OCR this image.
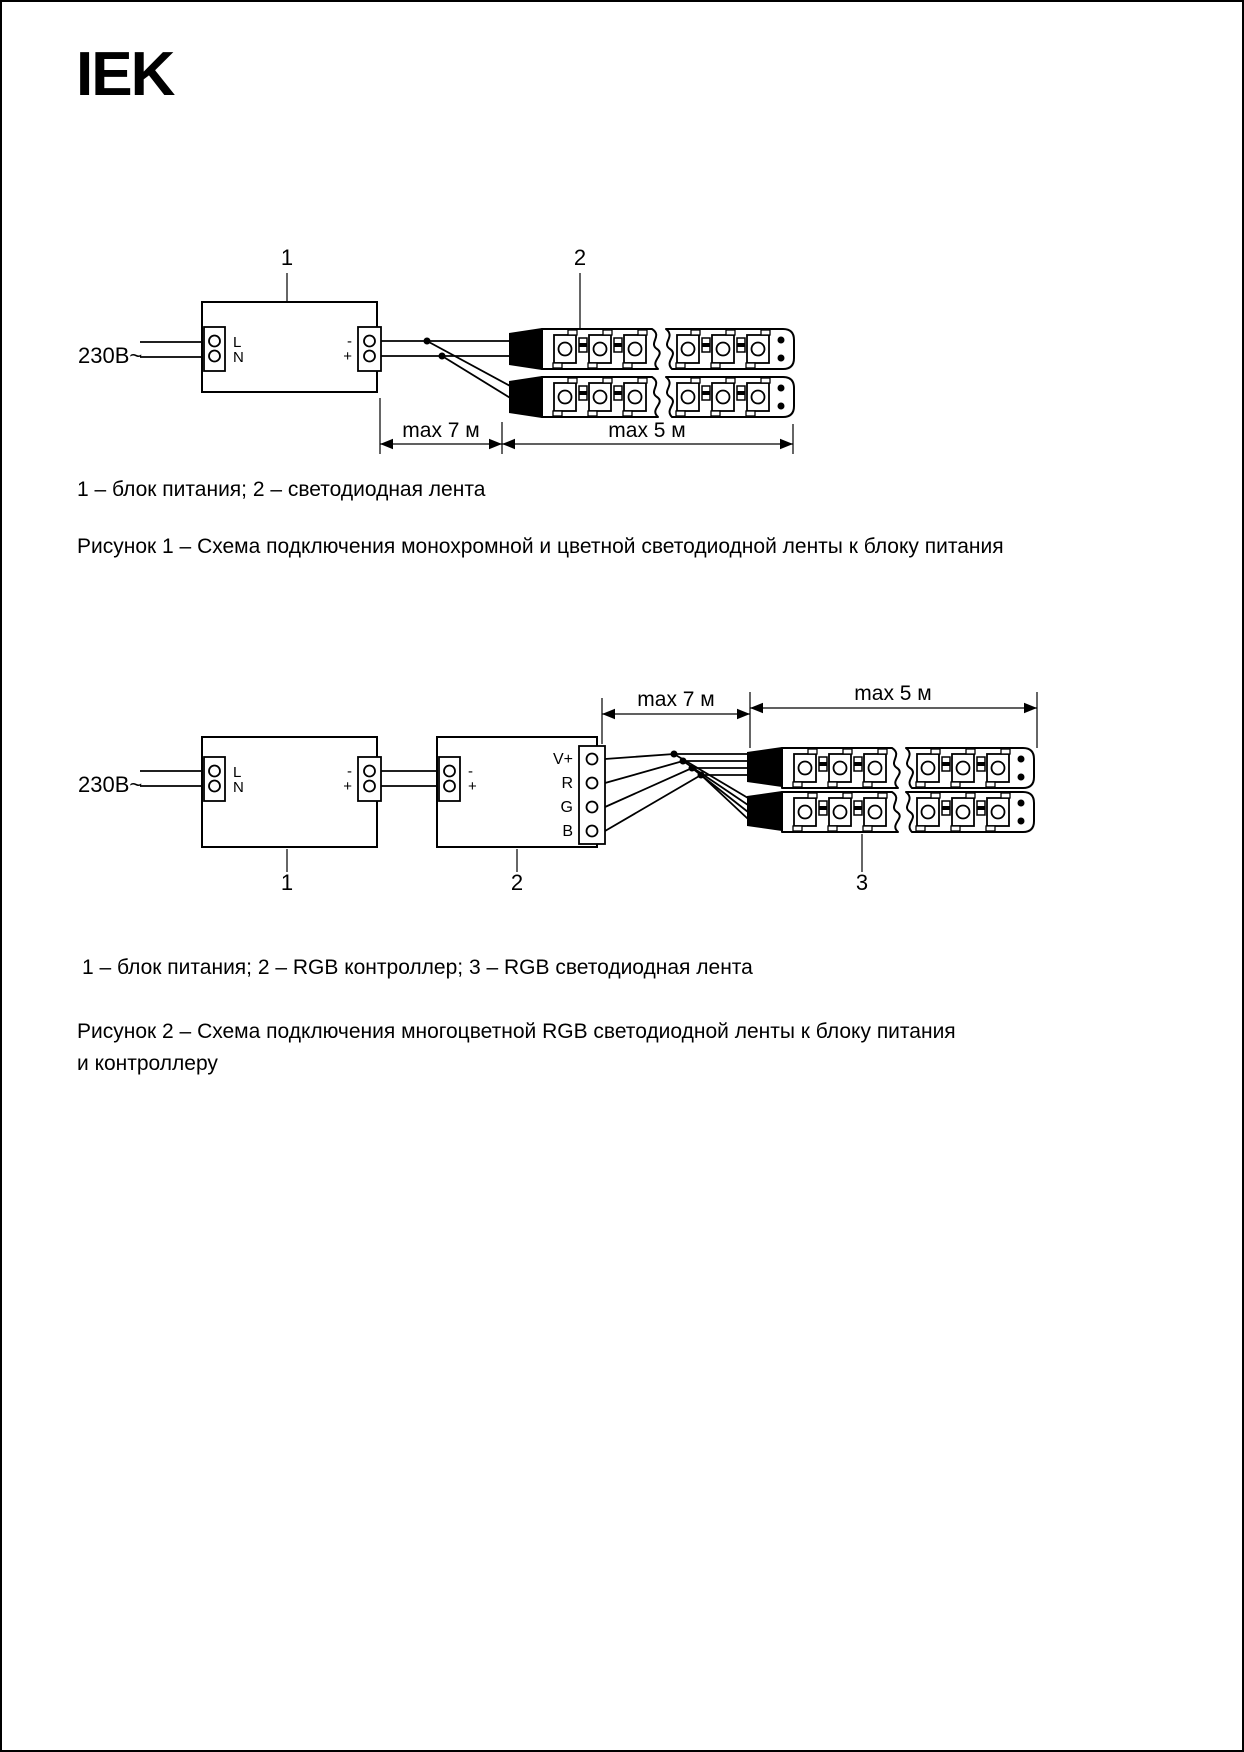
IEK
1	2
230В~
L
N
-
+
max 7 м	max 5 м
1 – блок питания; 2 – светодиодная лента
Рисунок 1 – Схема подключения монохромной и цветной светодиодной ленты к блоку питания
max 7 м	max 5 м
230В~	L
N
-
+
-
+
V+
R
G
B
1	2	3
1 – блок питания; 2 – RGB контроллер; 3 – RGB светодиодная лента
Рисунок 2 – Схема подключения многоцветной RGB светодиодной ленты к блоку питания
и контроллеру
